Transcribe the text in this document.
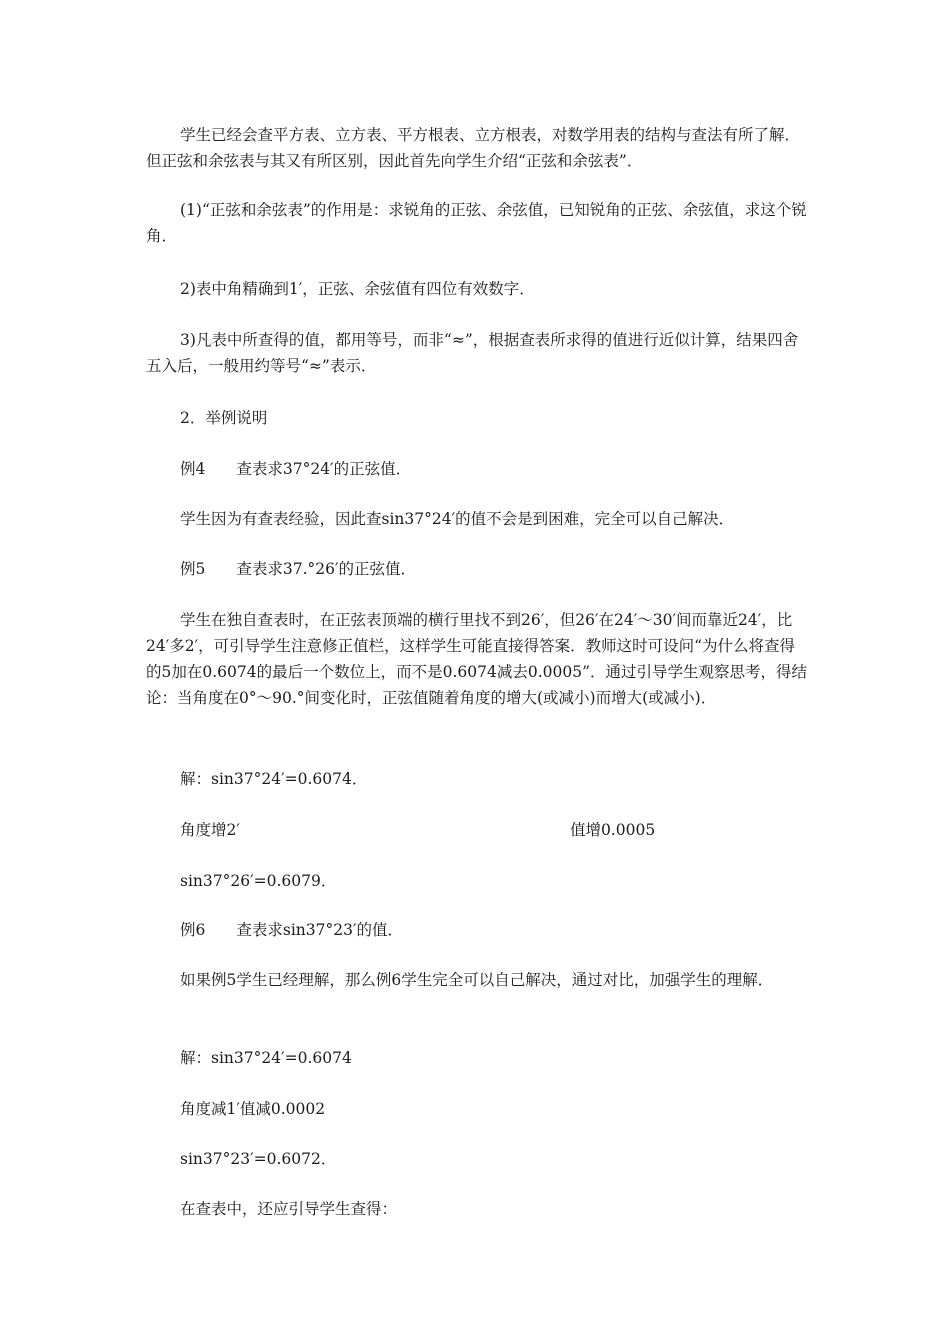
学生已经会查平方表、立方表、平方根表、立方根表，对数学用表的结构与查法有所了解．但正弦和余弦表与其又有所区别，因此首先向学生介绍“正弦和余弦表”．

(1)“正弦和余弦表”的作用是：求锐角的正弦、余弦值，已知锐角的正弦、余弦值，求这个锐角．

2)表中角精确到1′，正弦、余弦值有四位有效数字．

3)凡表中所查得的值，都用等号，而非“≈”，根据查表所求得的值进行近似计算，结果四舍五入后，一般用约等号“≈”表示．

2．举例说明

例4　　查表求37°24′的正弦值．

学生因为有查表经验，因此查sin37°24′的值不会是到困难，完全可以自己解决．

例5　　查表求37.°26′的正弦值．

学生在独自查表时，在正弦表顶端的横行里找不到26′，但26′在24′～30′间而靠近24′，比24′多2′，可引导学生注意修正值栏，这样学生可能直接得答案．教师这时可设问“为什么将查得的5加在0.6074的最后一个数位上，而不是0.6074减去0.0005”．通过引导学生观察思考，得结论：当角度在0°～90.°间变化时，正弦值随着角度的增大(或减小)而增大(或减小)．

解：sin37°24′=0.6074．

角度增2′	值增0.0005

sin37°26′=0.6079．

例6　　查表求sin37°23′的值．

如果例5学生已经理解，那么例6学生完全可以自己解决，通过对比，加强学生的理解．

解：sin37°24′=0.6074

角度减1′值减0.0002

sin37°23′=0.6072．

在查表中，还应引导学生查得：
